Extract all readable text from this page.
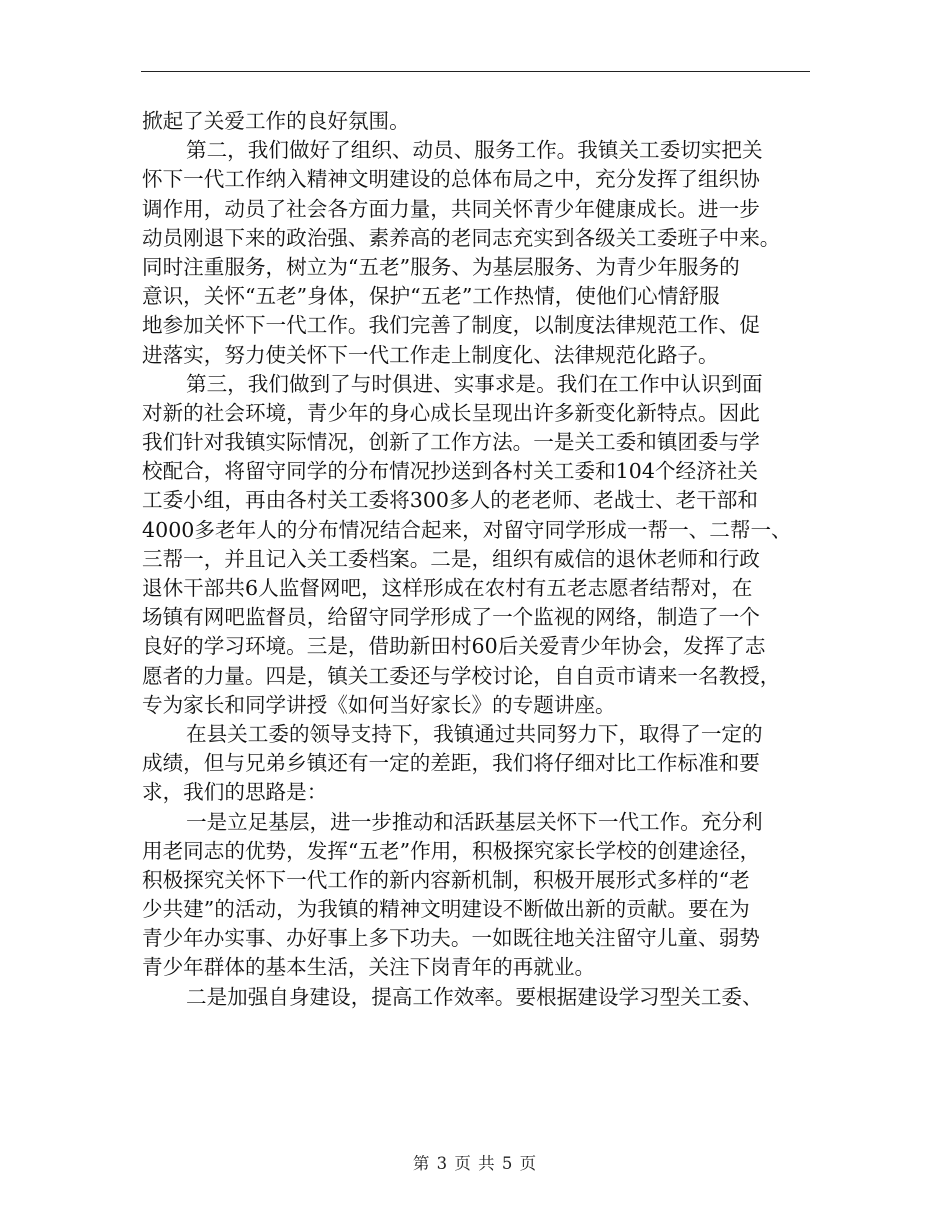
掀起了关爱工作的良好氛围。
第二，我们做好了组织、动员、服务工作。我镇关工委切实把关
怀下一代工作纳入精神文明建设的总体布局之中，充分发挥了组织协
调作用，动员了社会各方面力量，共同关怀青少年健康成长。进一步
动员刚退下来的政治强、素养高的老同志充实到各级关工委班子中来。
同时注重服务，树立为“五老”服务、为基层服务、为青少年服务的
意识，关怀“五老”身体，保护“五老”工作热情，使他们心情舒服
地参加关怀下一代工作。我们完善了制度，以制度法律规范工作、促
进落实，努力使关怀下一代工作走上制度化、法律规范化路子。
第三，我们做到了与时俱进、实事求是。我们在工作中认识到面
对新的社会环境，青少年的身心成长呈现出许多新变化新特点。因此
我们针对我镇实际情况，创新了工作方法。一是关工委和镇团委与学
校配合，将留守同学的分布情况抄送到各村关工委和104个经济社关
工委小组，再由各村关工委将300多人的老老师、老战士、老干部和
4000多老年人的分布情况结合起来，对留守同学形成一帮一、二帮一、
三帮一，并且记入关工委档案。二是，组织有威信的退休老师和行政
退休干部共6人监督网吧，这样形成在农村有五老志愿者结帮对，在
场镇有网吧监督员，给留守同学形成了一个监视的网络，制造了一个
良好的学习环境。三是，借助新田村60后关爱青少年协会，发挥了志
愿者的力量。四是，镇关工委还与学校讨论，自自贡市请来一名教授，
专为家长和同学讲授《如何当好家长》的专题讲座。
在县关工委的领导支持下，我镇通过共同努力下，取得了一定的
成绩，但与兄弟乡镇还有一定的差距，我们将仔细对比工作标准和要
求，我们的思路是：
一是立足基层，进一步推动和活跃基层关怀下一代工作。充分利
用老同志的优势，发挥“五老”作用，积极探究家长学校的创建途径，
积极探究关怀下一代工作的新内容新机制，积极开展形式多样的“老
少共建”的活动，为我镇的精神文明建设不断做出新的贡献。要在为
青少年办实事、办好事上多下功夫。一如既往地关注留守儿童、弱势
青少年群体的基本生活，关注下岗青年的再就业。
二是加强自身建设，提高工作效率。要根据建设学习型关工委、
第 3 页 共 5 页
